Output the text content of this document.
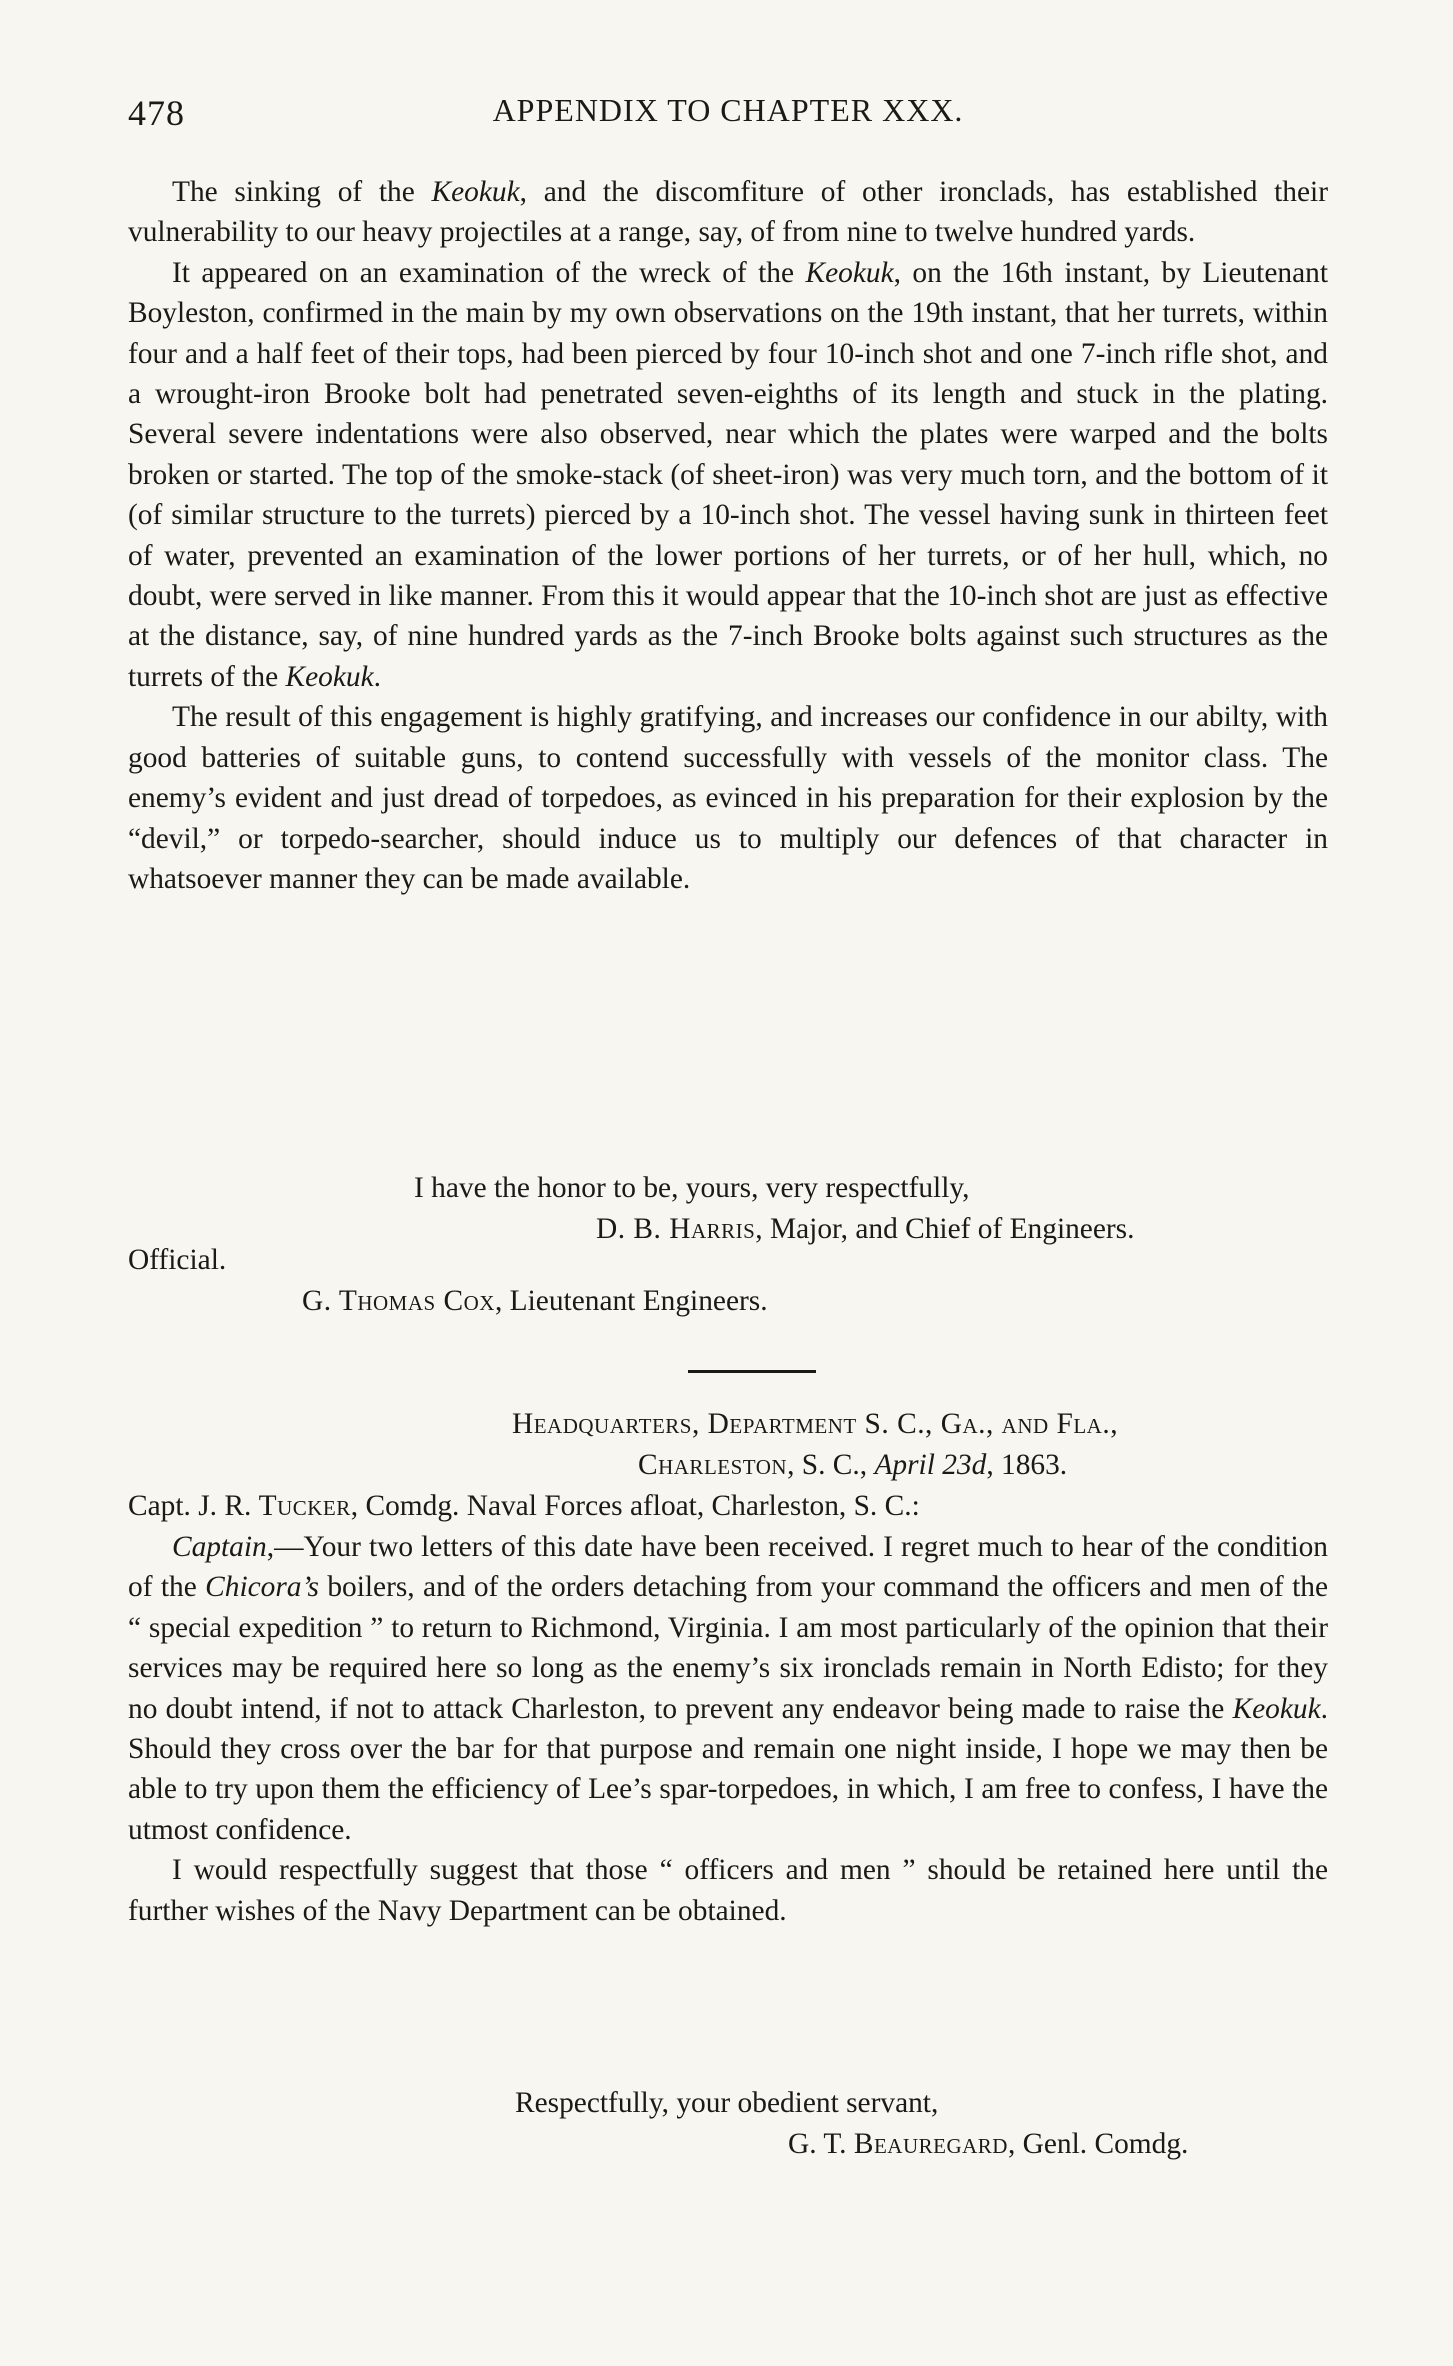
478	APPENDIX TO CHAPTER XXX.

The sinking of the Keokuk, and the discomfiture of other ironclads, has established their vulnerability to our heavy projectiles at a range, say, of from nine to twelve hundred yards.

It appeared on an examination of the wreck of the Keokuk, on the 16th instant, by Lieutenant Boyleston, confirmed in the main by my own observations on the 19th instant, that her turrets, within four and a half feet of their tops, had been pierced by four 10-inch shot and one 7-inch rifle shot, and a wrought-iron Brooke bolt had penetrated seven-eighths of its length and stuck in the plating. Several severe indentations were also observed, near which the plates were warped and the bolts broken or started. The top of the smoke-stack (of sheet-iron) was very much torn, and the bottom of it (of similar structure to the turrets) pierced by a 10-inch shot. The vessel having sunk in thirteen feet of water, prevented an examination of the lower portions of her turrets, or of her hull, which, no doubt, were served in like manner. From this it would appear that the 10-inch shot are just as effective at the distance, say, of nine hundred yards as the 7-inch Brooke bolts against such structures as the turrets of the Keokuk.

The result of this engagement is highly gratifying, and increases our confidence in our abilty, with good batteries of suitable guns, to contend successfully with vessels of the monitor class. The enemy’s evident and just dread of torpedoes, as evinced in his preparation for their explosion by the “devil,” or torpedo-searcher, should induce us to multiply our defences of that character in whatsoever manner they can be made available.

I have the honor to be, yours, very respectfully,
D. B. Harris, Major, and Chief of Engineers.
Official.
G. Thomas Cox, Lieutenant Engineers.
Headquarters, Department S. C., Ga., and Fla.,
Charleston, S. C., April 23d, 1863.
Capt. J. R. Tucker, Comdg. Naval Forces afloat, Charleston, S. C.:

Captain,—Your two letters of this date have been received. I regret much to hear of the condition of the Chicora’s boilers, and of the orders detaching from your command the officers and men of the “ special expedition ” to return to Richmond, Virginia. I am most particularly of the opinion that their services may be required here so long as the enemy’s six ironclads remain in North Edisto; for they no doubt intend, if not to attack Charleston, to prevent any endeavor being made to raise the Keokuk. Should they cross over the bar for that purpose and remain one night inside, I hope we may then be able to try upon them the efficiency of Lee’s spar-torpedoes, in which, I am free to confess, I have the utmost confidence.

I would respectfully suggest that those “ officers and men ” should be retained here until the further wishes of the Navy Department can be obtained.

Respectfully, your obedient servant,
G. T. Beauregard, Genl. Comdg.
